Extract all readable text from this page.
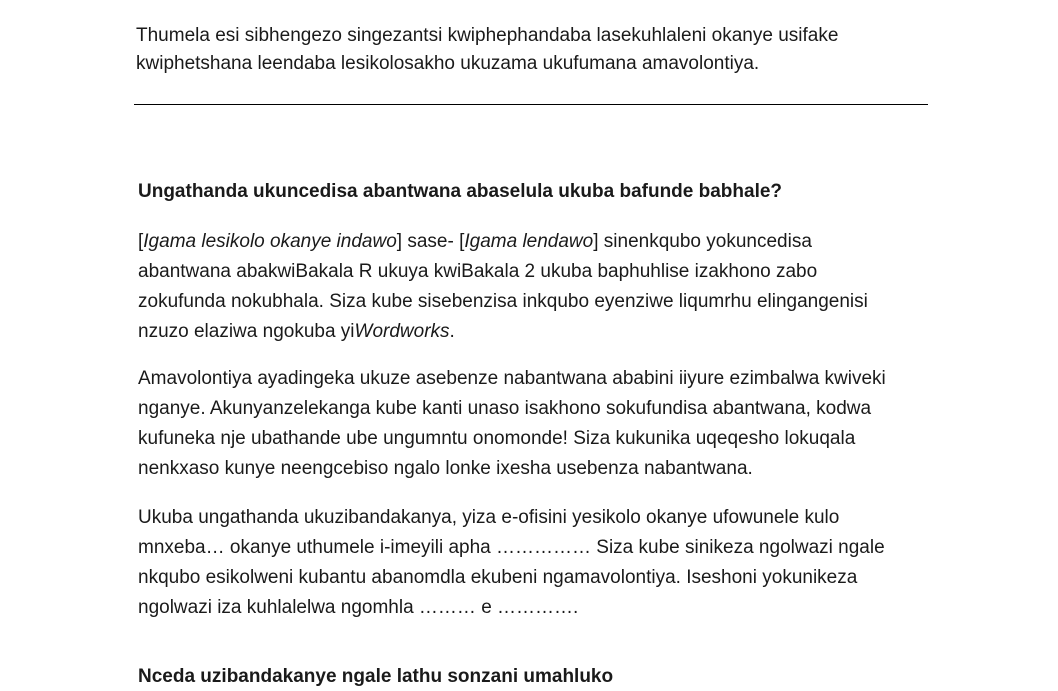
Thumela esi sibhengezo singezantsi kwiphephandaba lasekuhlaleni okanye usifake
kwiphetshana leendaba lesikolosakho ukuzama ukufumana amavolontiya.
Ungathanda ukuncedisa abantwana abaselula ukuba bafunde babhale?
[Igama lesikolo okanye indawo] sase- [Igama lendawo] sinenkqubo yokuncedisa
abantwana abakwiBakala R ukuya kwiBakala 2 ukuba baphuhlise izakhono zabo
zokufunda nokubhala. Siza kube sisebenzisa inkqubo eyenziwe liqumrhu elingangenisi
nzuzo elaziwa ngokuba yiWordworks.
Amavolontiya ayadingeka ukuze asebenze nabantwana ababini iiyure ezimbalwa kwiveki
nganye. Akunyanzelekanga kube kanti unaso isakhono sokufundisa abantwana, kodwa
kufuneka nje ubathande ube ungumntu onomonde! Siza kukunika uqeqesho lokuqala
nenkxaso kunye neengcebiso ngalo lonke ixesha usebenza nabantwana.
Ukuba ungathanda ukuzibandakanya, yiza e-ofisini yesikolo okanye ufowunele kulo
mnxeba… okanye uthumele i-imeyili apha …………… Siza kube sinikeza ngolwazi ngale
nkqubo esikolweni kubantu abanomdla ekubeni ngamavolontiya. Iseshoni yokunikeza
ngolwazi iza kuhlalelwa ngomhla ……… e ………….
Nceda uzibandakanye ngale lathu sonzani umahluko
